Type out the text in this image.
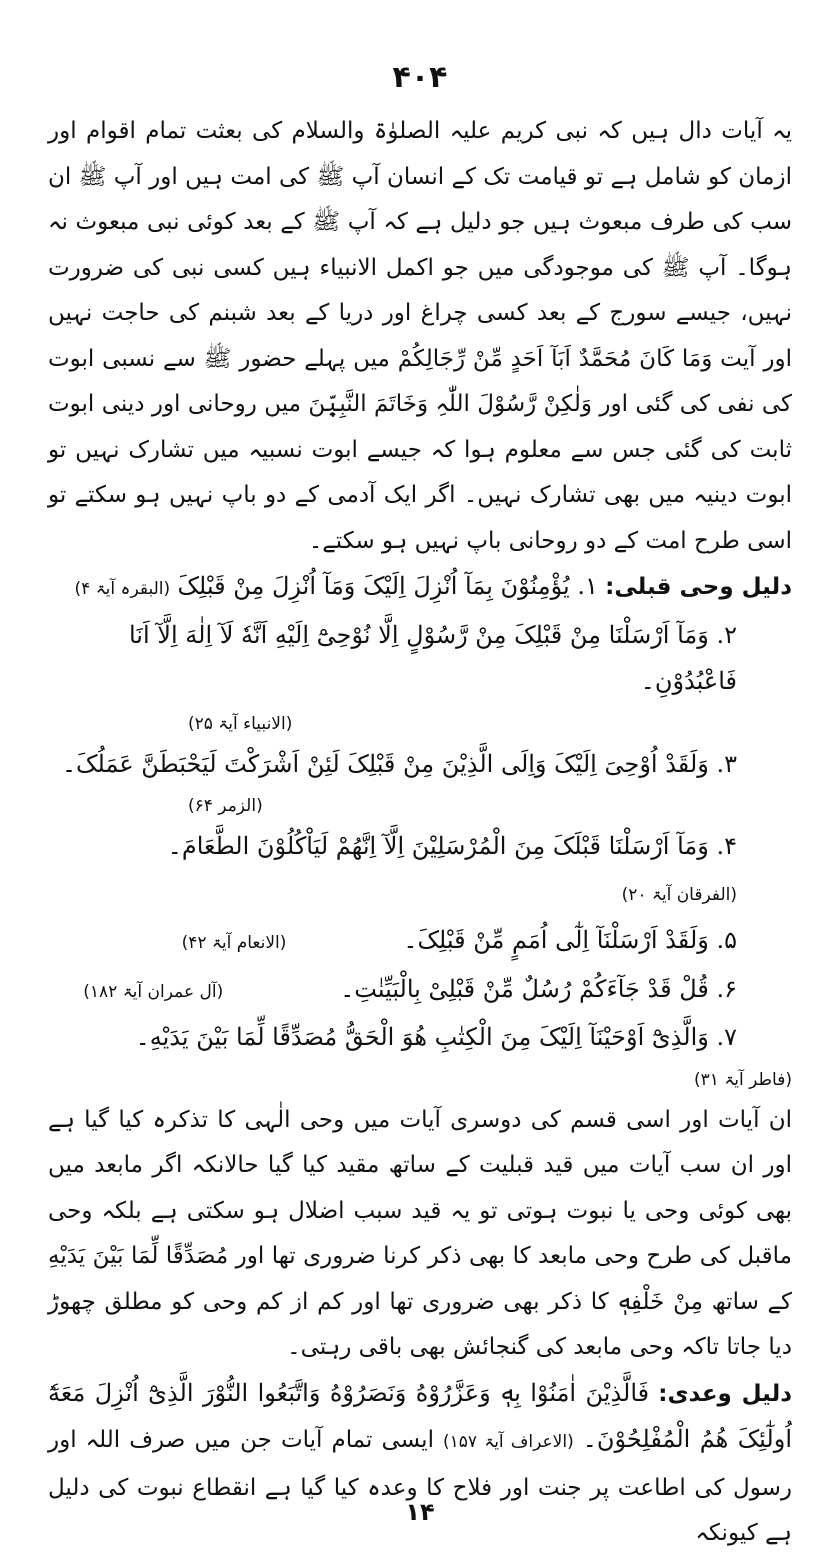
۴۰۴

یہ آیات دال ہیں کہ نبی کریم علیہ الصلوٰۃ والسلام کی بعثت تمام اقوام اور ازمان کو شامل ہے تو قیامت تک کے انسان آپ ﷺ کی امت ہیں اور آپ ﷺ ان سب کی طرف مبعوث ہیں جو دلیل ہے کہ آپ ﷺ کے بعد کوئی نبی مبعوث نہ ہوگا۔ آپ ﷺ کی موجودگی میں جو اکمل الانبیاء ہیں کسی نبی کی ضرورت نہیں، جیسے سورج کے بعد کسی چراغ اور دریا کے بعد شبنم کی حاجت نہیں اور آیت وَمَا کَانَ مُحَمَّدٌ اَبَآ اَحَدٍ مِّنْ رِّجَالِکُمْ میں پہلے حضور ﷺ سے نسبی ابوت کی نفی کی گئی اور وَلٰکِنْ رَّسُوْلَ اللّٰہِ وَخَاتَمَ النَّبِیّٖنَ میں روحانی اور دینی ابوت ثابت کی گئی جس سے معلوم ہوا کہ جیسے ابوت نسبیہ میں تشارک نہیں تو ابوت دینیہ میں بھی تشارک نہیں۔ اگر ایک آدمی کے دو باپ نہیں ہو سکتے تو اسی طرح امت کے دو روحانی باپ نہیں ہو سکتے۔

دلیل وحی قبلی: ۱. یُؤْمِنُوْنَ بِمَآ اُنْزِلَ اِلَیْکَ وَمَآ اُنْزِلَ مِنْ قَبْلِکَ (البقرہ آیۃ ۴)
۲. وَمَآ اَرْسَلْنَا مِنْ قَبْلِکَ مِنْ رَّسُوْلٍ اِلَّا نُوْحِیْٓ اِلَیْهِ اَنَّهٗ لَآ اِلٰهَ اِلَّآ اَنَا فَاعْبُدُوْنِ۔
(الانبیاء آیۃ ۲۵)
۳. وَلَقَدْ اُوْحِیَ اِلَیْکَ وَاِلَی الَّذِیْنَ مِنْ قَبْلِکَ لَئِنْ اَشْرَکْتَ لَیَحْبَطَنَّ عَمَلُکَ۔
(الزمر ۶۴)
۴. وَمَآ اَرْسَلْنَا قَبْلَکَ مِنَ الْمُرْسَلِیْنَ اِلَّآ اِنَّهُمْ لَیَاْکُلُوْنَ الطَّعَامَ۔ (الفرقان آیۃ ۲۰)
۵. وَلَقَدْ اَرْسَلْنَآ اِلٰٓی اُمَمٍ مِّنْ قَبْلِکَ۔                (الانعام آیۃ ۴۲)
۶. قُلْ قَدْ جَآءَکُمْ رُسُلٌ مِّنْ قَبْلِیْ بِالْبَیِّنٰتِ۔                (آل عمران آیۃ ۱۸۲)
۷. وَالَّذِیْٓ اَوْحَیْنَآ اِلَیْکَ مِنَ الْکِتٰبِ هُوَ الْحَقُّ مُصَدِّقًا لِّمَا بَیْنَ یَدَیْهِ۔
(فاطر آیۃ ۳۱)

ان آیات اور اسی قسم کی دوسری آیات میں وحی الٰہی کا تذکرہ کیا گیا ہے اور ان سب آیات میں قید قبلیت کے ساتھ مقید کیا گیا حالانکہ اگر مابعد میں بھی کوئی وحی یا نبوت ہوتی تو یہ قید سبب اضلال ہو سکتی ہے بلکہ وحی ماقبل کی طرح وحی مابعد کا بھی ذکر کرنا ضروری تھا اور مُصَدِّقًا لِّمَا بَیْنَ یَدَیْهِ کے ساتھ مِنْ خَلْفِهٖ کا ذکر بھی ضروری تھا اور کم از کم وحی کو مطلق چھوڑ دیا جاتا تاکہ وحی مابعد کی گنجائش بھی باقی رہتی۔

دلیل وعدی: فَالَّذِیْنَ اٰمَنُوْا بِهٖ وَعَزَّرُوْهُ وَنَصَرُوْهُ وَاتَّبَعُوا النُّوْرَ الَّذِیْٓ اُنْزِلَ مَعَهٗٓ اُولٰٓئِکَ هُمُ الْمُفْلِحُوْنَ۔ (الاعراف آیۃ ۱۵۷) ایسی تمام آیات جن میں صرف اللہ اور رسول کی اطاعت پر جنت اور فلاح کا وعدہ کیا گیا ہے انقطاع نبوت کی دلیل ہے کیونکہ

۱۴
